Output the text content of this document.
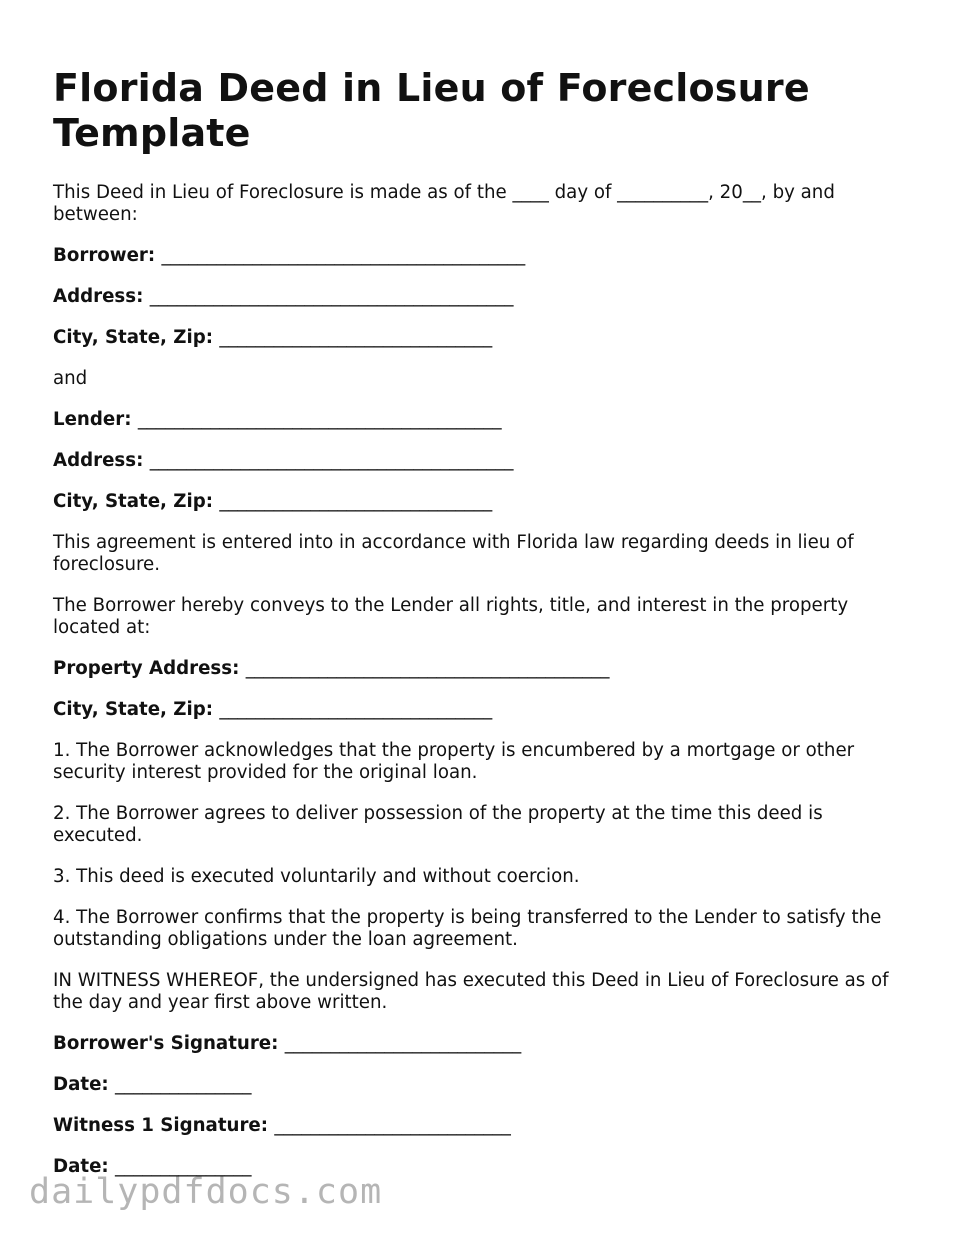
Florida Deed in Lieu of Foreclosure Template

This Deed in Lieu of Foreclosure is made as of the ____ day of __________, 20__, by and between:

Borrower: ________________________________________
Address: ________________________________________
City, State, Zip: ______________________________

and

Lender: ________________________________________
Address: ________________________________________
City, State, Zip: ______________________________

This agreement is entered into in accordance with Florida law regarding deeds in lieu of foreclosure.

The Borrower hereby conveys to the Lender all rights, title, and interest in the property located at:

Property Address: ________________________________________
City, State, Zip: ______________________________

1. The Borrower acknowledges that the property is encumbered by a mortgage or other security interest provided for the original loan.

2. The Borrower agrees to deliver possession of the property at the time this deed is executed.

3. This deed is executed voluntarily and without coercion.

4. The Borrower confirms that the property is being transferred to the Lender to satisfy the outstanding obligations under the loan agreement.

IN WITNESS WHEREOF, the undersigned has executed this Deed in Lieu of Foreclosure as of the day and year first above written.

Borrower's Signature: __________________________
Date: _______________
Witness 1 Signature: __________________________
Date: _______________
dailypdfdocs.com
